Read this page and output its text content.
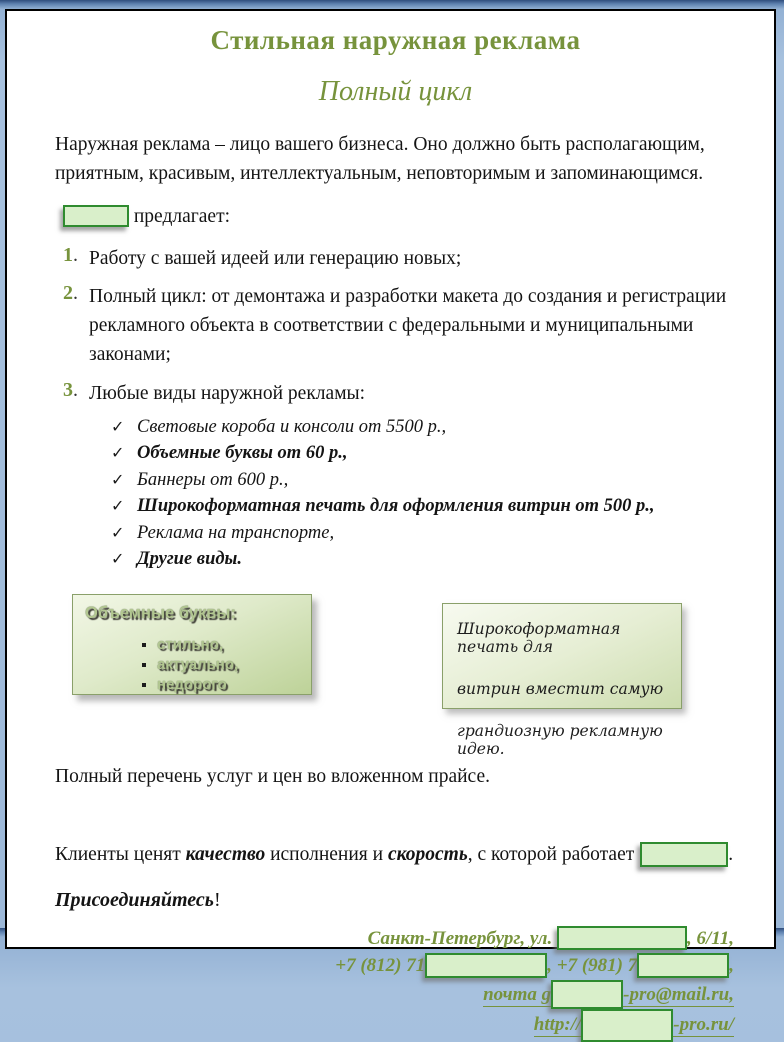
Стильная наружная реклама
Полный цикл
Наружная реклама – лицо вашего бизнеса. Оно должно быть располагающим, приятным, красивым, интеллектуальным, неповторимым и запоминающимся.
предлагает:
1. Работу с вашей идеей или генерацию новых;
2. Полный цикл: от демонтажа и разработки макета до создания и регистрации рекламного объекта в соответствии с федеральными и муниципальными законами;
3. Любые виды наружной рекламы:
✓ Световые короба и консоли от 5500 р.,
✓ Объемные буквы от 60 р.,
✓ Баннеры от 600 р.,
✓ Широкоформатная печать для оформления витрин от 500 р.,
✓ Реклама на транспорте,
✓ Другие виды.
Объемные буквы:
▪ стильно,
▪ актуально,
▪ недорого
Широкоформатная печать для
витрин вместит самую
грандиозную рекламную идею.
Полный перечень услуг и цен во вложенном прайсе.
Клиенты ценят качество исполнения и скорость, с которой работает	.
Присоединяйтесь!
Санкт-Петербург, ул.	, 6/11,
+7 (812) 71	, +7 (981) 7	,
почта g	-pro@mail.ru,
http://	-pro.ru/
